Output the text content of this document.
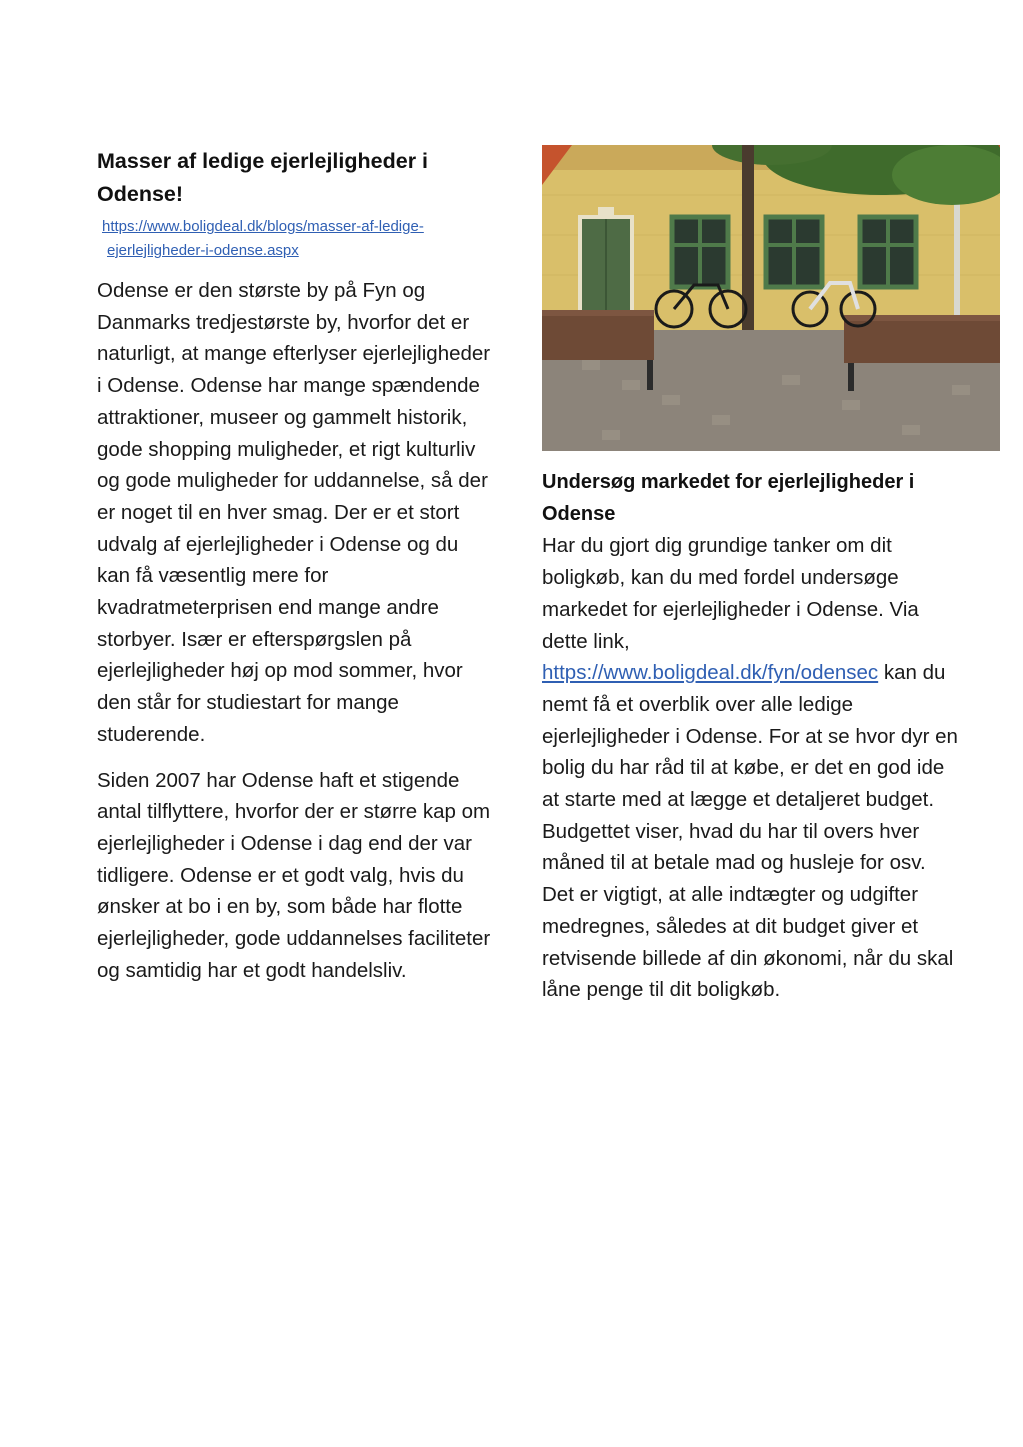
Masser af ledige ejerlejligheder i Odense!
https://www.boligdeal.dk/blogs/masser-af-ledige-ejerlejligheder-i-odense.aspx

Odense er den største by på Fyn og Danmarks tredjestørste by, hvorfor det er naturligt, at mange efterlyser ejerlejligheder i Odense. Odense har mange spændende attraktioner, museer og gammelt historik, gode shopping muligheder, et rigt kulturliv og gode muligheder for uddannelse, så der er noget til en hver smag. Der er et stort udvalg af ejerlejligheder i Odense og du kan få væsentlig mere for kvadratmeterprisen end mange andre storbyer. Især er efterspørgslen på ejerlejligheder høj op mod sommer, hvor den står for studiestart for mange studerende.

Siden 2007 har Odense haft et stigende antal tilflyttere, hvorfor der er større kap om ejerlejligheder i Odense i dag end der var tidligere. Odense er et godt valg, hvis du ønsker at bo i en by, som både har flotte ejerlejligheder, gode uddannelses faciliteter og samtidig har et godt handelsliv.

Undersøg markedet for ejerlejligheder i Odense

Har du gjort dig grundige tanker om dit boligkøb, kan du med fordel undersøge markedet for ejerlejligheder i Odense. Via dette link, https://www.boligdeal.dk/fyn/odensec kan du nemt få et overblik over alle ledige ejerlejligheder i Odense. For at se hvor dyr en bolig du har råd til at købe, er det en god ide at starte med at lægge et detaljeret budget. Budgettet viser, hvad du har til overs hver måned til at betale mad og husleje for osv. Det er vigtigt, at alle indtægter og udgifter medregnes, således at dit budget giver et retvisende billede af din økonomi, når du skal låne penge til dit boligkøb.
